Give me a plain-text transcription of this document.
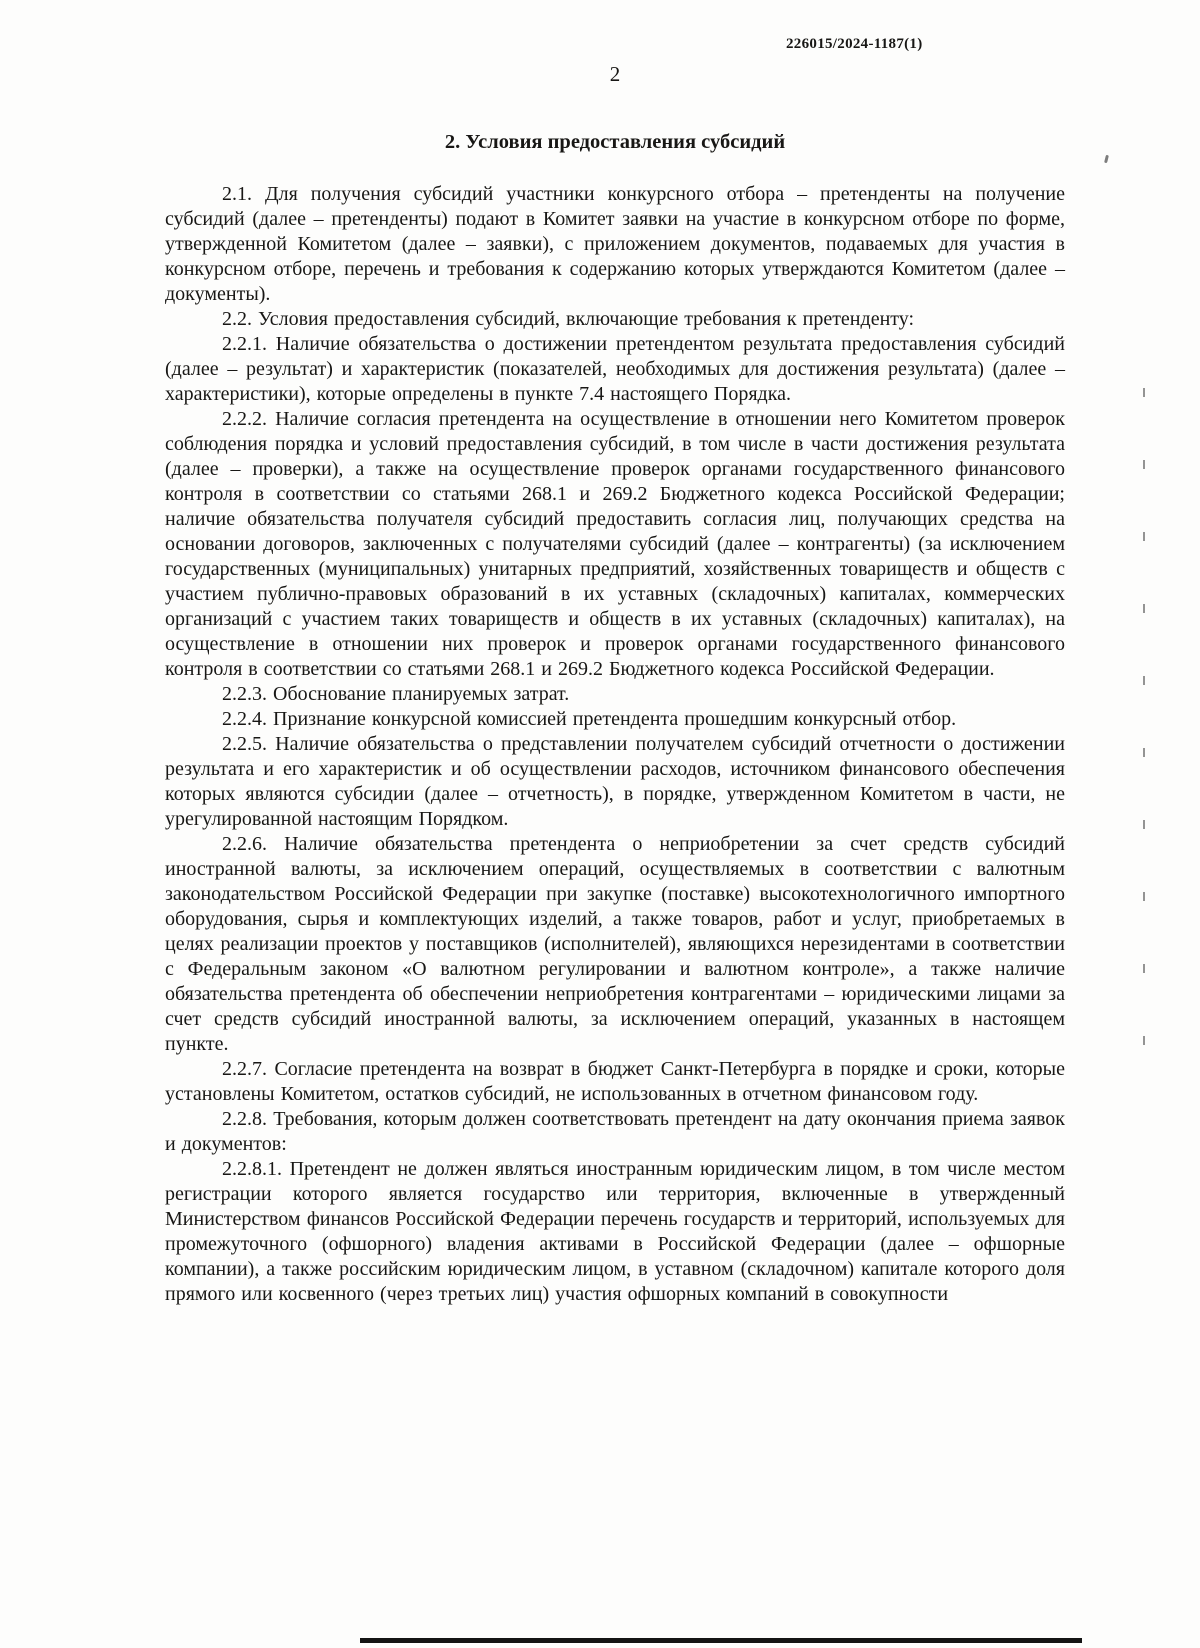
226015/2024-1187(1)
2
2. Условия предоставления субсидий

2.1. Для получения субсидий участники конкурсного отбора – претенденты на получение субсидий (далее – претенденты) подают в Комитет заявки на участие в конкурсном отборе по форме, утвержденной Комитетом (далее – заявки), с приложением документов, подаваемых для участия в конкурсном отборе, перечень и требования к содержанию которых утверждаются Комитетом (далее – документы).

2.2. Условия предоставления субсидий, включающие требования к претенденту:

2.2.1. Наличие обязательства о достижении претендентом результата предоставления субсидий (далее – результат) и характеристик (показателей, необходимых для достижения результата) (далее – характеристики), которые определены в пункте 7.4 настоящего Порядка.

2.2.2. Наличие согласия претендента на осуществление в отношении него Комитетом проверок соблюдения порядка и условий предоставления субсидий, в том числе в части достижения результата (далее – проверки), а также на осуществление проверок органами государственного финансового контроля в соответствии со статьями 268.1 и 269.2 Бюджетного кодекса Российской Федерации; наличие обязательства получателя субсидий предоставить согласия лиц, получающих средства на основании договоров, заключенных с получателями субсидий (далее – контрагенты) (за исключением государственных (муниципальных) унитарных предприятий, хозяйственных товариществ и обществ с участием публично-правовых образований в их уставных (складочных) капиталах, коммерческих организаций с участием таких товариществ и обществ в их уставных (складочных) капиталах), на осуществление в отношении них проверок и проверок органами государственного финансового контроля в соответствии со статьями 268.1 и 269.2 Бюджетного кодекса Российской Федерации.

2.2.3. Обоснование планируемых затрат.

2.2.4. Признание конкурсной комиссией претендента прошедшим конкурсный отбор.

2.2.5. Наличие обязательства о представлении получателем субсидий отчетности о достижении результата и его характеристик и об осуществлении расходов, источником финансового обеспечения которых являются субсидии (далее – отчетность), в порядке, утвержденном Комитетом в части, не урегулированной настоящим Порядком.

2.2.6. Наличие обязательства претендента о неприобретении за счет средств субсидий иностранной валюты, за исключением операций, осуществляемых в соответствии с валютным законодательством Российской Федерации при закупке (поставке) высокотехнологичного импортного оборудования, сырья и комплектующих изделий, а также товаров, работ и услуг, приобретаемых в целях реализации проектов у поставщиков (исполнителей), являющихся нерезидентами в соответствии с Федеральным законом «О валютном регулировании и валютном контроле», а также наличие обязательства претендента об обеспечении неприобретения контрагентами – юридическими лицами за счет средств субсидий иностранной валюты, за исключением операций, указанных в настоящем пункте.

2.2.7. Согласие претендента на возврат в бюджет Санкт-Петербурга в порядке и сроки, которые установлены Комитетом, остатков субсидий, не использованных в отчетном финансовом году.

2.2.8. Требования, которым должен соответствовать претендент на дату окончания приема заявок и документов:

2.2.8.1. Претендент не должен являться иностранным юридическим лицом, в том числе местом регистрации которого является государство или территория, включенные в утвержденный Министерством финансов Российской Федерации перечень государств и территорий, используемых для промежуточного (офшорного) владения активами в Российской Федерации (далее – офшорные компании), а также российским юридическим лицом, в уставном (складочном) капитале которого доля прямого или косвенного (через третьих лиц) участия офшорных компаний в совокупности
